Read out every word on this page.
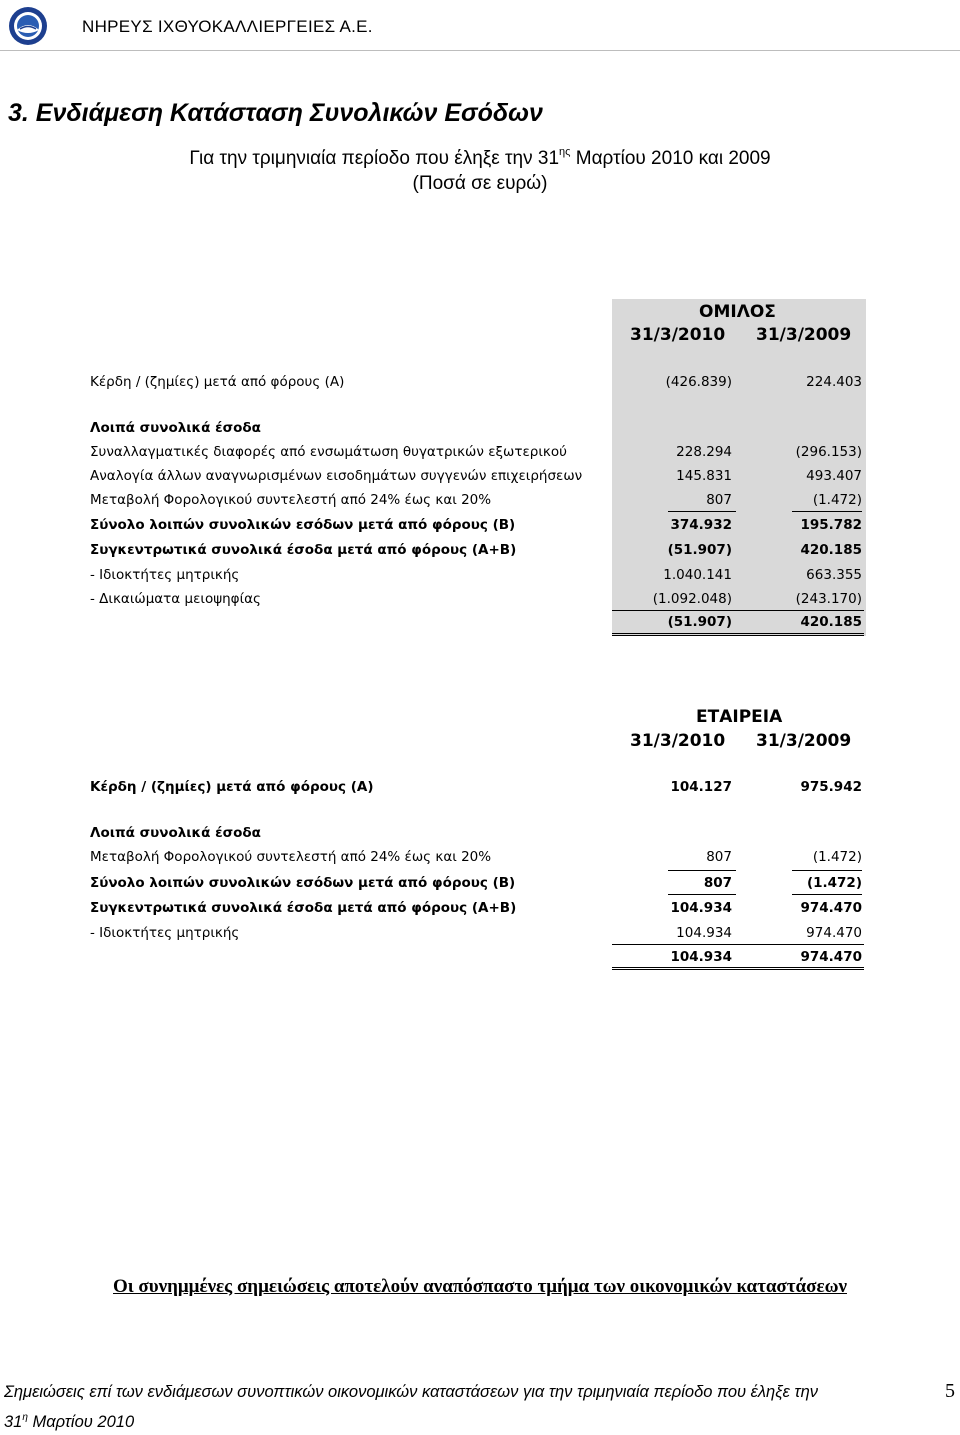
ΝΗΡΕΥΣ ΙΧΘΥΟΚΑΛΛΙΕΡΓΕΙΕΣ Α.Ε.
3. Ενδιάμεση Κατάσταση Συνολικών Εσόδων
Για την τριμηνιαία περίοδο που έληξε την $31^{\eta\varsigma}$ Μαρτίου 2010 και 2009
(Ποσά σε ευρώ)
ΟΜΙΛΟΣ
31/3/2010 31/3/2009
Κέρδη / (ζημίες) μετά από φόρους (Α)	(426.839)	224.403
Λοιπά συνολικά έσοδα
Συναλλαγματικές διαφορές από ενσωμάτωση θυγατρικών εξωτερικού	228.294	(296.153)
Αναλογία άλλων αναγνωρισμένων εισοδημάτων συγγενών επιχειρήσεων	145.831	493.407
Μεταβολή Φορολογικού συντελεστή από 24% έως και 20%	807	(1.472)
Σύνολο λοιπών συνολικών εσόδων μετά από φόρους (Β)	374.932	195.782
Συγκεντρωτικά συνολικά έσοδα μετά από φόρους (Α+Β)	(51.907)	420.185
- Ιδιοκτήτες μητρικής	1.040.141	663.355
- Δικαιώματα μειοψηφίας	(1.092.048)	(243.170)
(51.907)	420.185
ΕΤΑΙΡΕΙΑ
31/3/2010 31/3/2009
Κέρδη / (ζημίες) μετά από φόρους (Α)	104.127	975.942
Λοιπά συνολικά έσοδα
Μεταβολή Φορολογικού συντελεστή από 24% έως και 20%	807	(1.472)
Σύνολο λοιπών συνολικών εσόδων μετά από φόρους (Β)	807	(1.472)
Συγκεντρωτικά συνολικά έσοδα μετά από φόρους (Α+Β)	104.934	974.470
- Ιδιοκτήτες μητρικής	104.934	974.470
104.934	974.470
Οι συνημμένες σημειώσεις αποτελούν αναπόσπαστο τμήμα των οικονομικών καταστάσεων
Σημειώσεις επί των ενδιάμεσων συνοπτικών οικονομικών καταστάσεων για την τριμηνιαία περίοδο που έληξε την
$31^\eta$ Μαρτίου 2010
5
